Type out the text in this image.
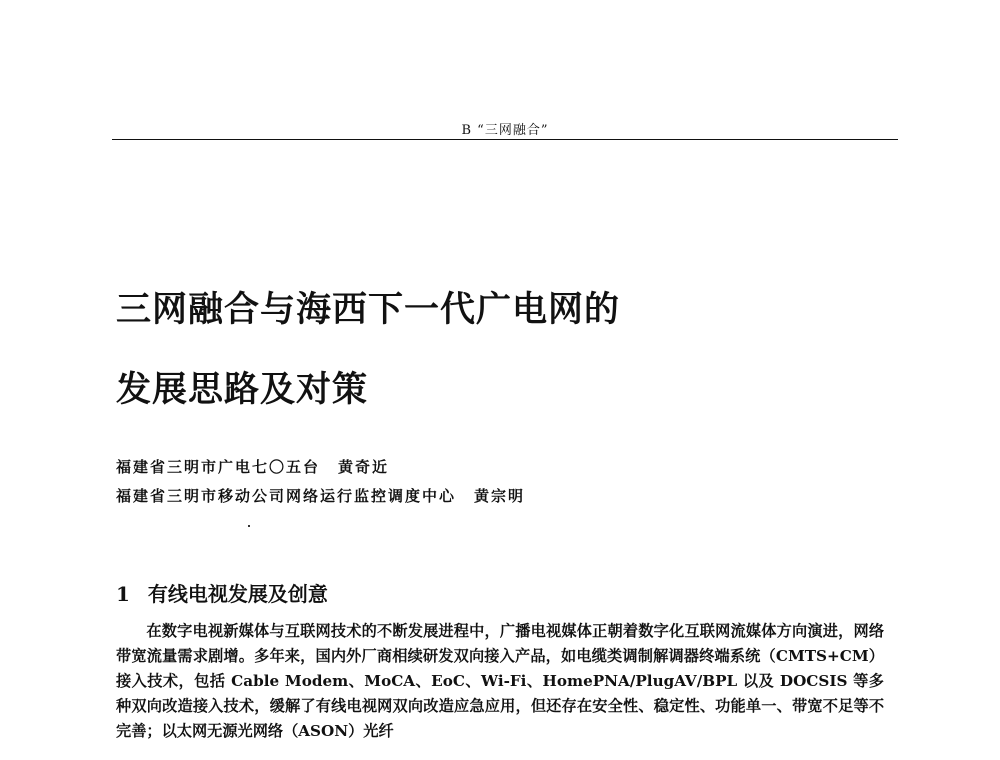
B “三网融合”
三网融合与海西下一代广电网的
发展思路及对策
福建省三明市广电七〇五台 黄奇近
福建省三明市移动公司网络运行监控调度中心 黄宗明
1 有线电视发展及创意
在数字电视新媒体与互联网技术的不断发展进程中，广播电视媒体正朝着数字化互联网流媒体方向演进，网络带宽流量需求剧增。多年来，国内外厂商相续研发双向接入产品，如电缆类调制解调器终端系统（CMTS+CM）接入技术，包括 Cable Modem、MoCA、EoC、Wi-Fi、HomePNA/PlugAV/BPL 以及 DOCSIS 等多种双向改造接入技术，缓解了有线电视网双向改造应急应用，但还存在安全性、稳定性、功能单一、带宽不足等不完善；以太网无源光网络（ASON）光纤
